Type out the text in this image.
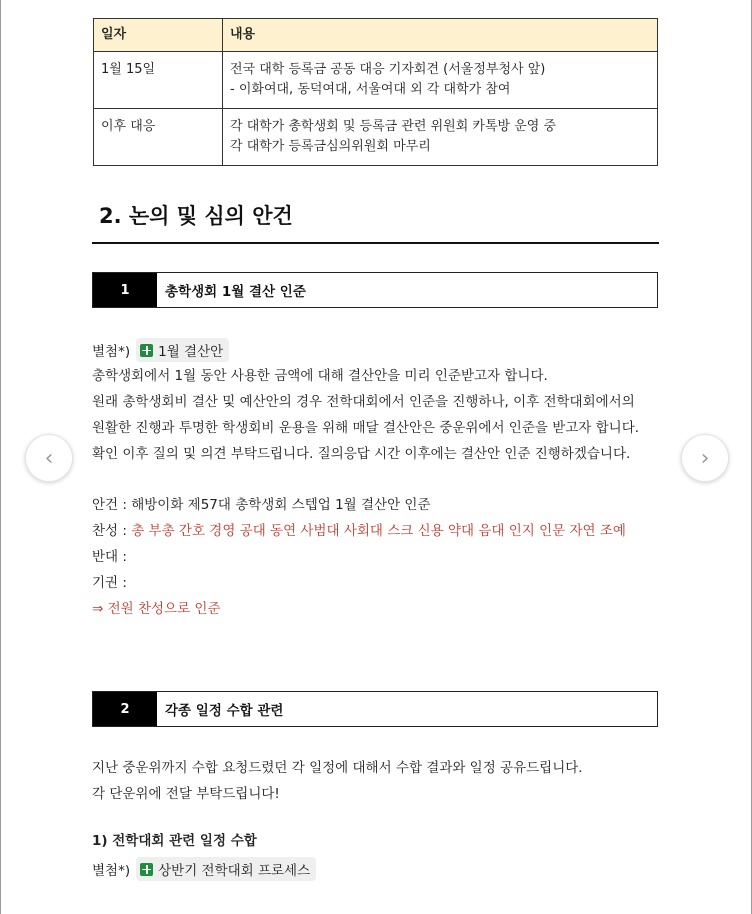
일자	내용
1월 15일	전국 대학 등록금 공동 대응 기자회견 (서울정부청사 앞)
- 이화여대, 동덕여대, 서울여대 외 각 대학가 참여

이후 대응	각 대학가 총학생회 및 등록금 관련 위원회 카톡방 운영 중
각 대학가 등록금심의위원회 마무리
2. 논의 및 심의 안건
1	총학생회 1월 결산 인준
별첨*) 1월 결산안
총학생회에서 1월 동안 사용한 금액에 대해 결산안을 미리 인준받고자 합니다.
원래 총학생회비 결산 및 예산안의 경우 전학대회에서 인준을 진행하나, 이후 전학대회에서의
원활한 진행과 투명한 학생회비 운용을 위해 매달 결산안은 중운위에서 인준을 받고자 합니다.
확인 이후 질의 및 의견 부탁드립니다. 질의응답 시간 이후에는 결산안 인준 진행하겠습니다.
안건 : 해방이화 제57대 총학생회 스텝업 1월 결산안 인준
찬성 : 총 부총 간호 경영 공대 동연 사범대 사회대 스크 신용 약대 음대 인지 인문 자연 조예
반대 :
기권 :
⇒ 전원 찬성으로 인준
2	각종 일정 수합 관련
지난 중운위까지 수합 요청드렸던 각 일정에 대해서 수합 결과와 일정 공유드립니다.
각 단운위에 전달 부탁드립니다!
1) 전학대회 관련 일정 수합
별첨*) 상반기 전학대회 프로세스
‹	›
